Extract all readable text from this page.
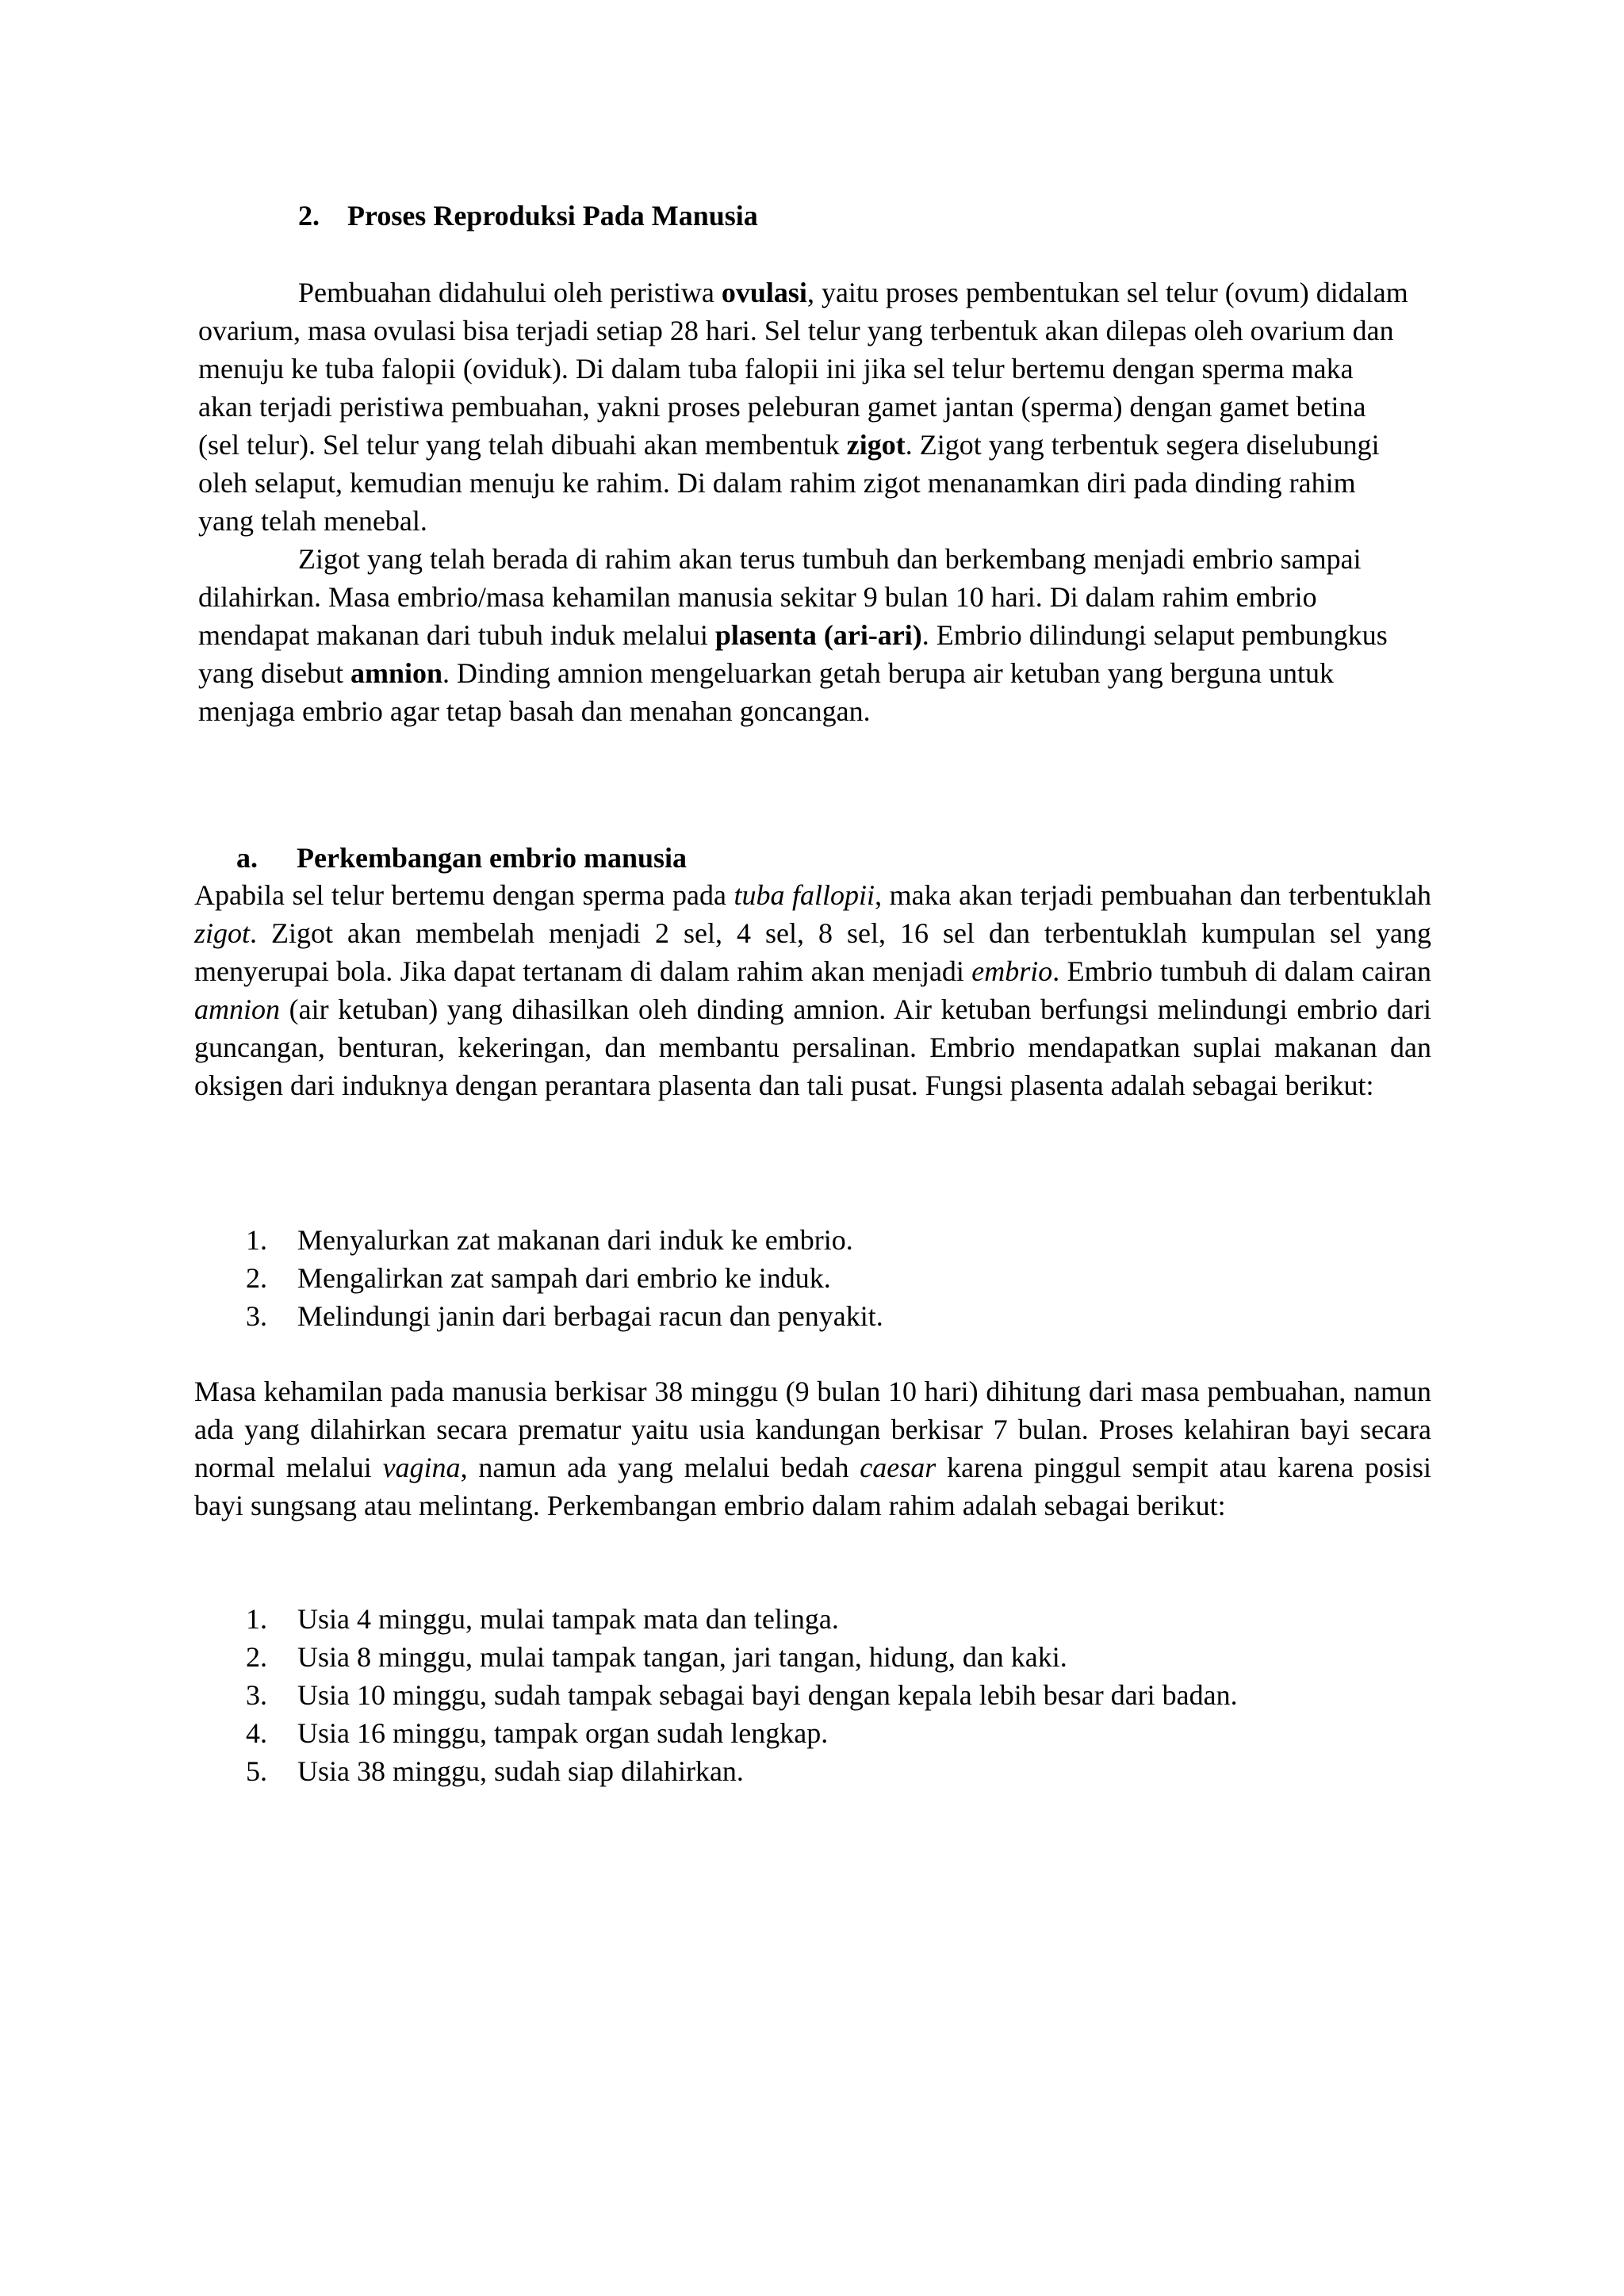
2. Proses Reproduksi Pada Manusia

Pembuahan didahului oleh peristiwa ovulasi, yaitu proses pembentukan sel telur (ovum) didalam ovarium, masa ovulasi bisa terjadi setiap 28 hari. Sel telur yang terbentuk akan dilepas oleh ovarium dan menuju ke tuba falopii (oviduk). Di dalam tuba falopii ini jika sel telur bertemu dengan sperma maka akan terjadi peristiwa pembuahan, yakni proses peleburan gamet jantan (sperma) dengan gamet betina (sel telur). Sel telur yang telah dibuahi akan membentuk zigot. Zigot yang terbentuk segera diselubungi oleh selaput, kemudian menuju ke rahim. Di dalam rahim zigot menanamkan diri pada dinding rahim yang telah menebal.

Zigot yang telah berada di rahim akan terus tumbuh dan berkembang menjadi embrio sampai dilahirkan. Masa embrio/masa kehamilan manusia sekitar 9 bulan 10 hari. Di dalam rahim embrio mendapat makanan dari tubuh induk melalui plasenta (ari-ari). Embrio dilindungi selaput pembungkus yang disebut amnion. Dinding amnion mengeluarkan getah berupa air ketuban yang berguna untuk menjaga embrio agar tetap basah dan menahan goncangan.

a. Perkembangan embrio manusia

Apabila sel telur bertemu dengan sperma pada tuba fallopii, maka akan terjadi pembuahan dan terbentuklah zigot. Zigot akan membelah menjadi 2 sel, 4 sel, 8 sel, 16 sel dan terbentuklah kumpulan sel yang menyerupai bola. Jika dapat tertanam di dalam rahim akan menjadi embrio. Embrio tumbuh di dalam cairan amnion (air ketuban) yang dihasilkan oleh dinding amnion. Air ketuban berfungsi melindungi embrio dari guncangan, benturan, kekeringan, dan membantu persalinan. Embrio mendapatkan suplai makanan dan oksigen dari induknya dengan perantara plasenta dan tali pusat. Fungsi plasenta adalah sebagai berikut:

1. Menyalurkan zat makanan dari induk ke embrio.
2. Mengalirkan zat sampah dari embrio ke induk.
3. Melindungi janin dari berbagai racun dan penyakit.

Masa kehamilan pada manusia berkisar 38 minggu (9 bulan 10 hari) dihitung dari masa pembuahan, namun ada yang dilahirkan secara prematur yaitu usia kandungan berkisar 7 bulan. Proses kelahiran bayi secara normal melalui vagina, namun ada yang melalui bedah caesar karena pinggul sempit atau karena posisi bayi sungsang atau melintang. Perkembangan embrio dalam rahim adalah sebagai berikut:

1. Usia 4 minggu, mulai tampak mata dan telinga.
2. Usia 8 minggu, mulai tampak tangan, jari tangan, hidung, dan kaki.
3. Usia 10 minggu, sudah tampak sebagai bayi dengan kepala lebih besar dari badan.
4. Usia 16 minggu, tampak organ sudah lengkap.
5. Usia 38 minggu, sudah siap dilahirkan.
